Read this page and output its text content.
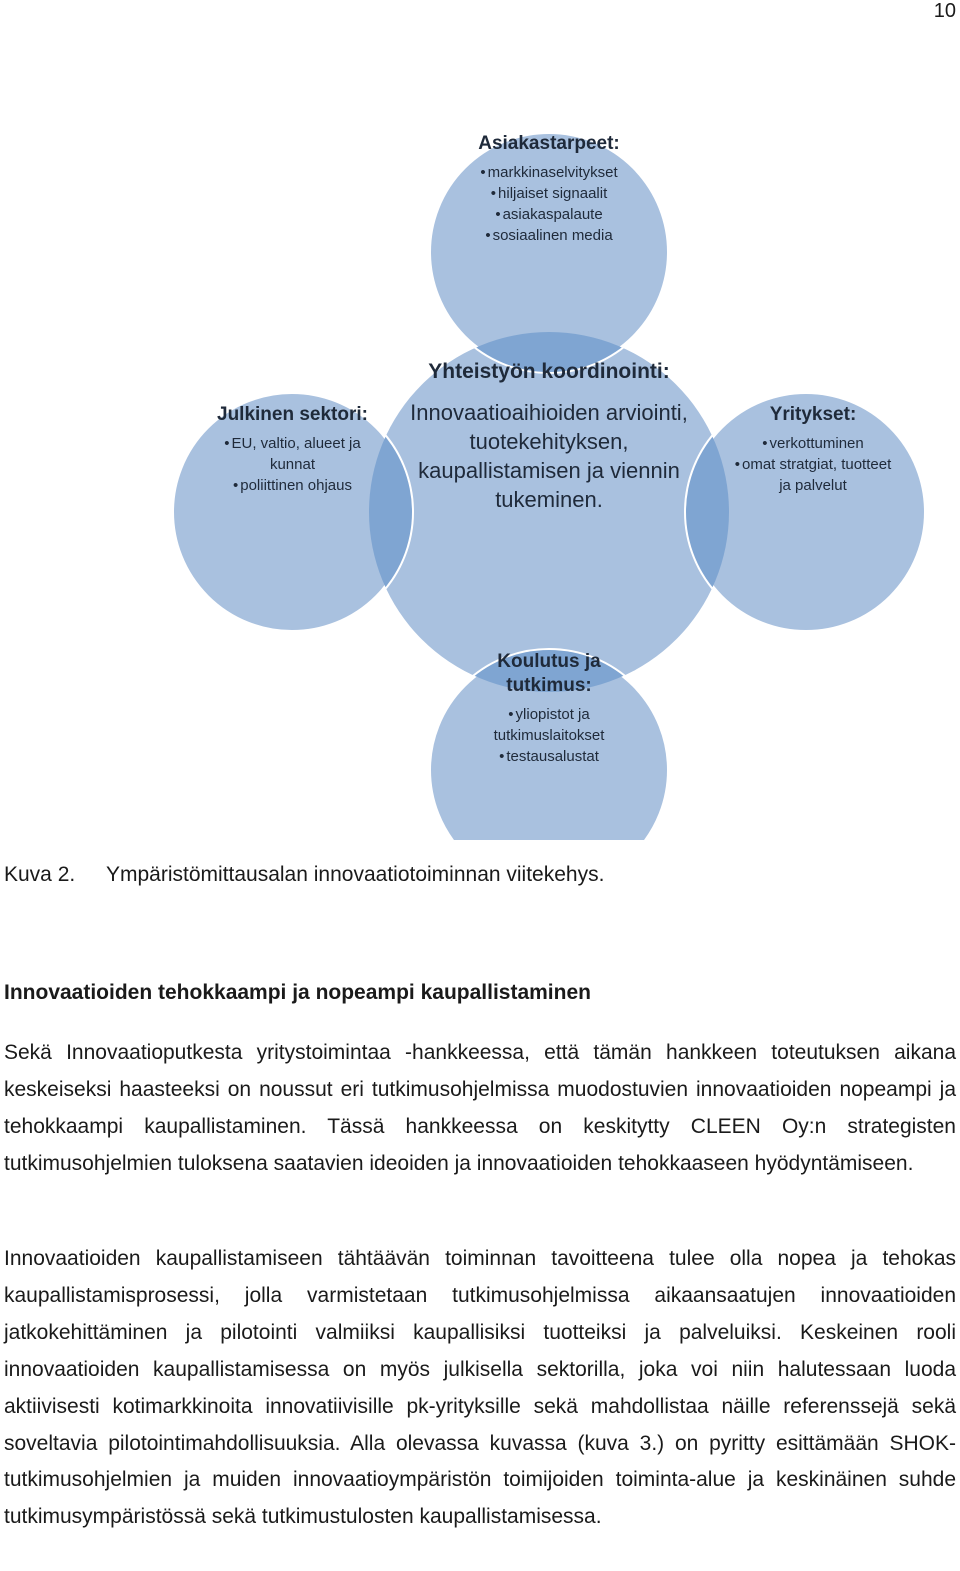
10
Asiakastarpeet:
• markkinaselvitykset
• hiljaiset signaalit
• asiakaspalaute
• sosiaalinen media
Julkinen sektori:
• EU, valtio, alueet ja kunnat
• poliittinen ohjaus
Yhteistyön koordinointi:
Innovaatioaihioiden arviointi, tuotekehityksen, kaupallistamisen ja viennin tukeminen.
Yritykset:
• verkottuminen
• omat stratgiat, tuotteet ja palvelut
Koulutus ja tutkimus:
• yliopistot ja tutkimuslaitokset
• testausalustat
Kuva 2. Ympäristömittausalan innovaatiotoiminnan viitekehys.
Innovaatioiden tehokkaampi ja nopeampi kaupallistaminen

Sekä Innovaatioputkesta yritystoimintaa -hankkeessa, että tämän hankkeen toteutuksen aikana keskeiseksi haasteeksi on noussut eri tutkimusohjelmissa muodostuvien innovaatioiden nopeampi ja tehokkaampi kaupallistaminen. Tässä hankkeessa on keskitytty CLEEN Oy:n strategisten tutkimusohjelmien tuloksena saatavien ideoiden ja innovaatioiden tehokkaaseen hyödyntämiseen.

Innovaatioiden kaupallistamiseen tähtäävän toiminnan tavoitteena tulee olla nopea ja tehokas kaupallistamisprosessi, jolla varmistetaan tutkimusohjelmissa aikaansaatujen innovaatioiden jatkokehittäminen ja pilotointi valmiiksi kaupallisiksi tuotteiksi ja palveluiksi. Keskeinen rooli innovaatioiden kaupallistamisessa on myös julkisella sektorilla, joka voi niin halutessaan luoda aktiivisesti kotimarkkinoita innovatiivisille pk-yrityksille sekä mahdollistaa näille referenssejä sekä soveltavia pilotointimahdollisuuksia. Alla olevassa kuvassa (kuva 3.) on pyritty esittämään SHOK-tutkimusohjelmien ja muiden innovaatioympäristön toimijoiden toiminta-alue ja keskinäinen suhde tutkimusympäristössä sekä tutkimustulosten kaupallistamisessa.
